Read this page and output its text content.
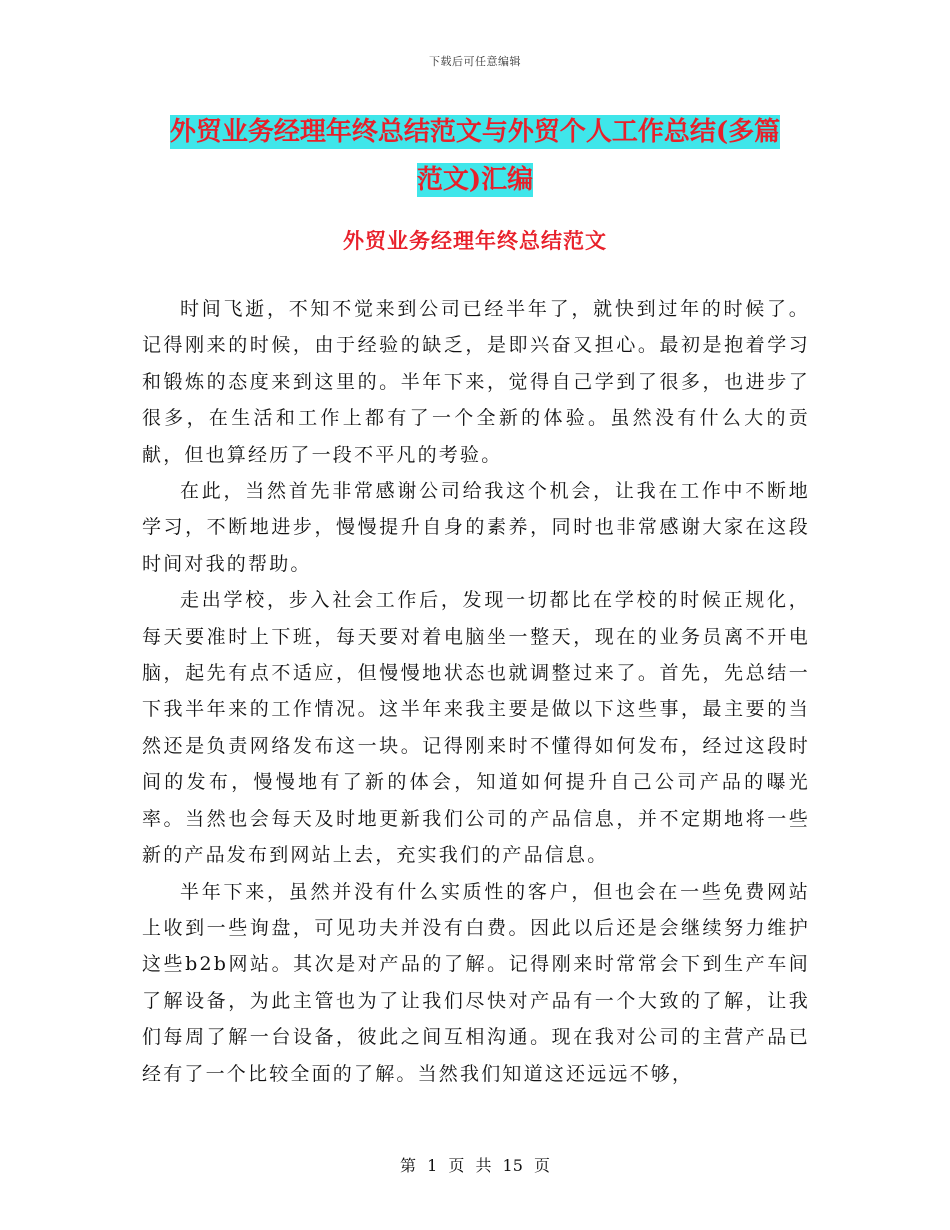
下载后可任意编辑
外贸业务经理年终总结范文与外贸个人工作总结(多篇
范文)汇编
外贸业务经理年终总结范文

时间飞逝，不知不觉来到公司已经半年了，就快到过年的时候了。记得刚来的时候，由于经验的缺乏，是即兴奋又担心。最初是抱着学习和锻炼的态度来到这里的。半年下来，觉得自己学到了很多，也进步了很多，在生活和工作上都有了一个全新的体验。虽然没有什么大的贡献，但也算经历了一段不平凡的考验。

在此，当然首先非常感谢公司给我这个机会，让我在工作中不断地学习，不断地进步，慢慢提升自身的素养，同时也非常感谢大家在这段时间对我的帮助。

走出学校，步入社会工作后，发现一切都比在学校的时候正规化，每天要准时上下班，每天要对着电脑坐一整天，现在的业务员离不开电脑，起先有点不适应，但慢慢地状态也就调整过来了。首先，先总结一下我半年来的工作情况。这半年来我主要是做以下这些事，最主要的当然还是负责网络发布这一块。记得刚来时不懂得如何发布，经过这段时间的发布，慢慢地有了新的体会，知道如何提升自己公司产品的曝光率。当然也会每天及时地更新我们公司的产品信息，并不定期地将一些新的产品发布到网站上去，充实我们的产品信息。

半年下来，虽然并没有什么实质性的客户，但也会在一些免费网站上收到一些询盘，可见功夫并没有白费。因此以后还是会继续努力维护这些b2b网站。其次是对产品的了解。记得刚来时常常会下到生产车间了解设备，为此主管也为了让我们尽快对产品有一个大致的了解，让我们每周了解一台设备，彼此之间互相沟通。现在我对公司的主营产品已经有了一个比较全面的了解。当然我们知道这还远远不够，

第 1 页 共 15 页
